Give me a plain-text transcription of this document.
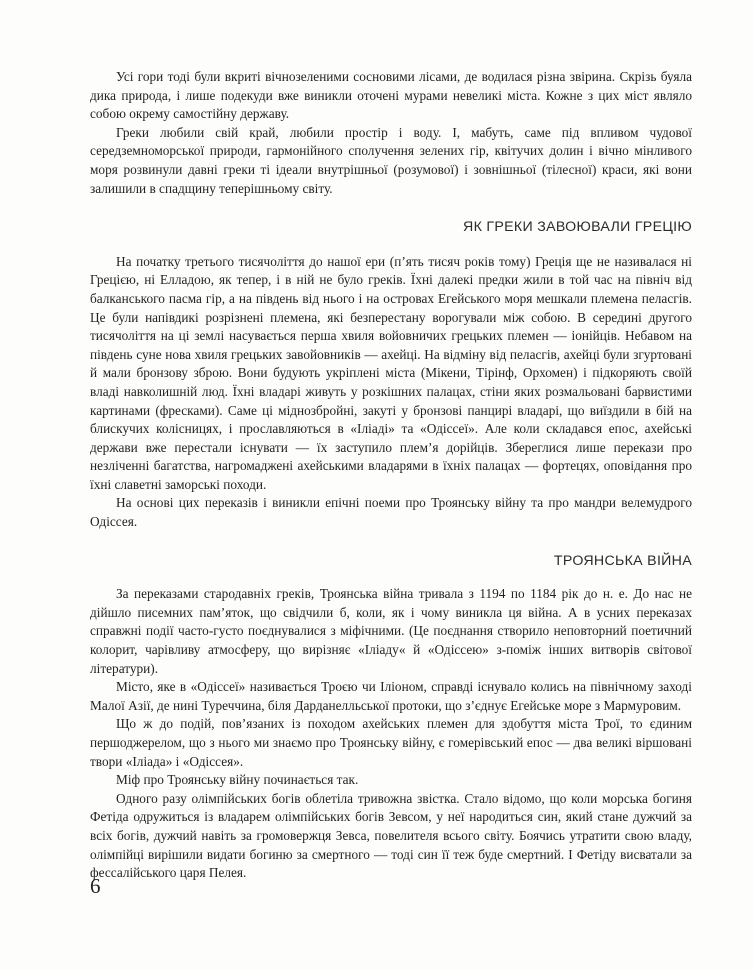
Усі гори тоді були вкриті вічнозеленими сосновими лісами, де водилася різна звірина. Скрізь буяла дика природа, і лише подекуди вже виникли оточені мурами невеликі міста. Кожне з цих міст являло собою окрему самостійну державу.

Греки любили свій край, любили простір і воду. І, мабуть, саме під впливом чудової середземноморської природи, гармонійного сполучення зелених гір, квітучих долин і вічно мінливого моря розвинули давні греки ті ідеали внутрішньої (розумової) і зовнішньої (тілесної) краси, які вони залишили в спадщину теперішньому світу.

ЯК ГРЕКИ ЗАВОЮВАЛИ ГРЕЦІЮ

На початку третього тисячоліття до нашої ери (п’ять тисяч років тому) Греція ще не називалася ні Грецією, ні Елладою, як тепер, і в ній не було греків. Їхні далекі предки жили в той час на північ від балканського пасма гір, а на південь від нього і на островах Егейського моря мешкали племена пеласгів. Це були напівдикі розрізнені племена, які безперестану ворогували між собою. В середині другого тисячоліття на ці землі насувається перша хвиля войовничих грецьких племен — іонійців. Небавом на південь суне нова хвиля грецьких завойовників — ахейці. На відміну від пеласгів, ахейці були згуртовані й мали бронзову зброю. Вони будують укріплені міста (Мікени, Тірінф, Орхомен) і підкоряють своїй владі навколишній люд. Їхні владарі живуть у розкішних палацах, стіни яких розмальовані барвистими картинами (фресками). Саме ці міднозбройні, закуті у бронзові панцирі владарі, що виїздили в бій на блискучих колісницях, і прославляються в «Іліаді» та «Одіссеї». Але коли складався епос, ахейські держави вже перестали існувати — їх заступило плем’я дорійців. Збереглися лише перекази про незліченні багатства, нагромаджені ахейськими владарями в їхніх палацах — фортецях, оповідання про їхні славетні заморські походи.

На основі цих переказів і виникли епічні поеми про Троянську війну та про мандри велемудрого Одіссея.

ТРОЯНСЬКА ВІЙНА

За переказами стародавніх греків, Троянська війна тривала з 1194 по 1184 рік до н. е. До нас не дійшло писемних пам’яток, що свідчили б, коли, як і чому виникла ця війна. А в усних переказах справжні події часто-густо поєднувалися з міфічними. (Це поєднання створило неповторний поетичний колорит, чарівливу атмосферу, що вирізняє «Іліаду« й «Одіссею» з-поміж інших витворів світової літератури).

Місто, яке в «Одіссеї» називається Троєю чи Іліоном, справді існувало колись на північному заході Малої Азії, де нині Туреччина, біля Дарданелльської протоки, що з’єднує Егейське море з Мармуровим.

Що ж до подій, пов’язаних із походом ахейських племен для здобуття міста Трої, то єдиним першоджерелом, що з нього ми знаємо про Троянську війну, є гомерівський епос — два великі віршовані твори «Іліада» і «Одіссея».

Міф про Троянську війну починається так.

Одного разу олімпійських богів облетіла тривожна звістка. Стало відомо, що коли морська богиня Фетіда одружиться із владарем олімпійських богів Зевсом, у неї народиться син, який стане дужчий за всіх богів, дужчий навіть за громовержця Зевса, повелителя всього світу. Боячись утратити свою владу, олімпійці вирішили видати богиню за смертного — тоді син її теж буде смертний. І Фетіду висватали за фессалійського царя Пелея.

6
